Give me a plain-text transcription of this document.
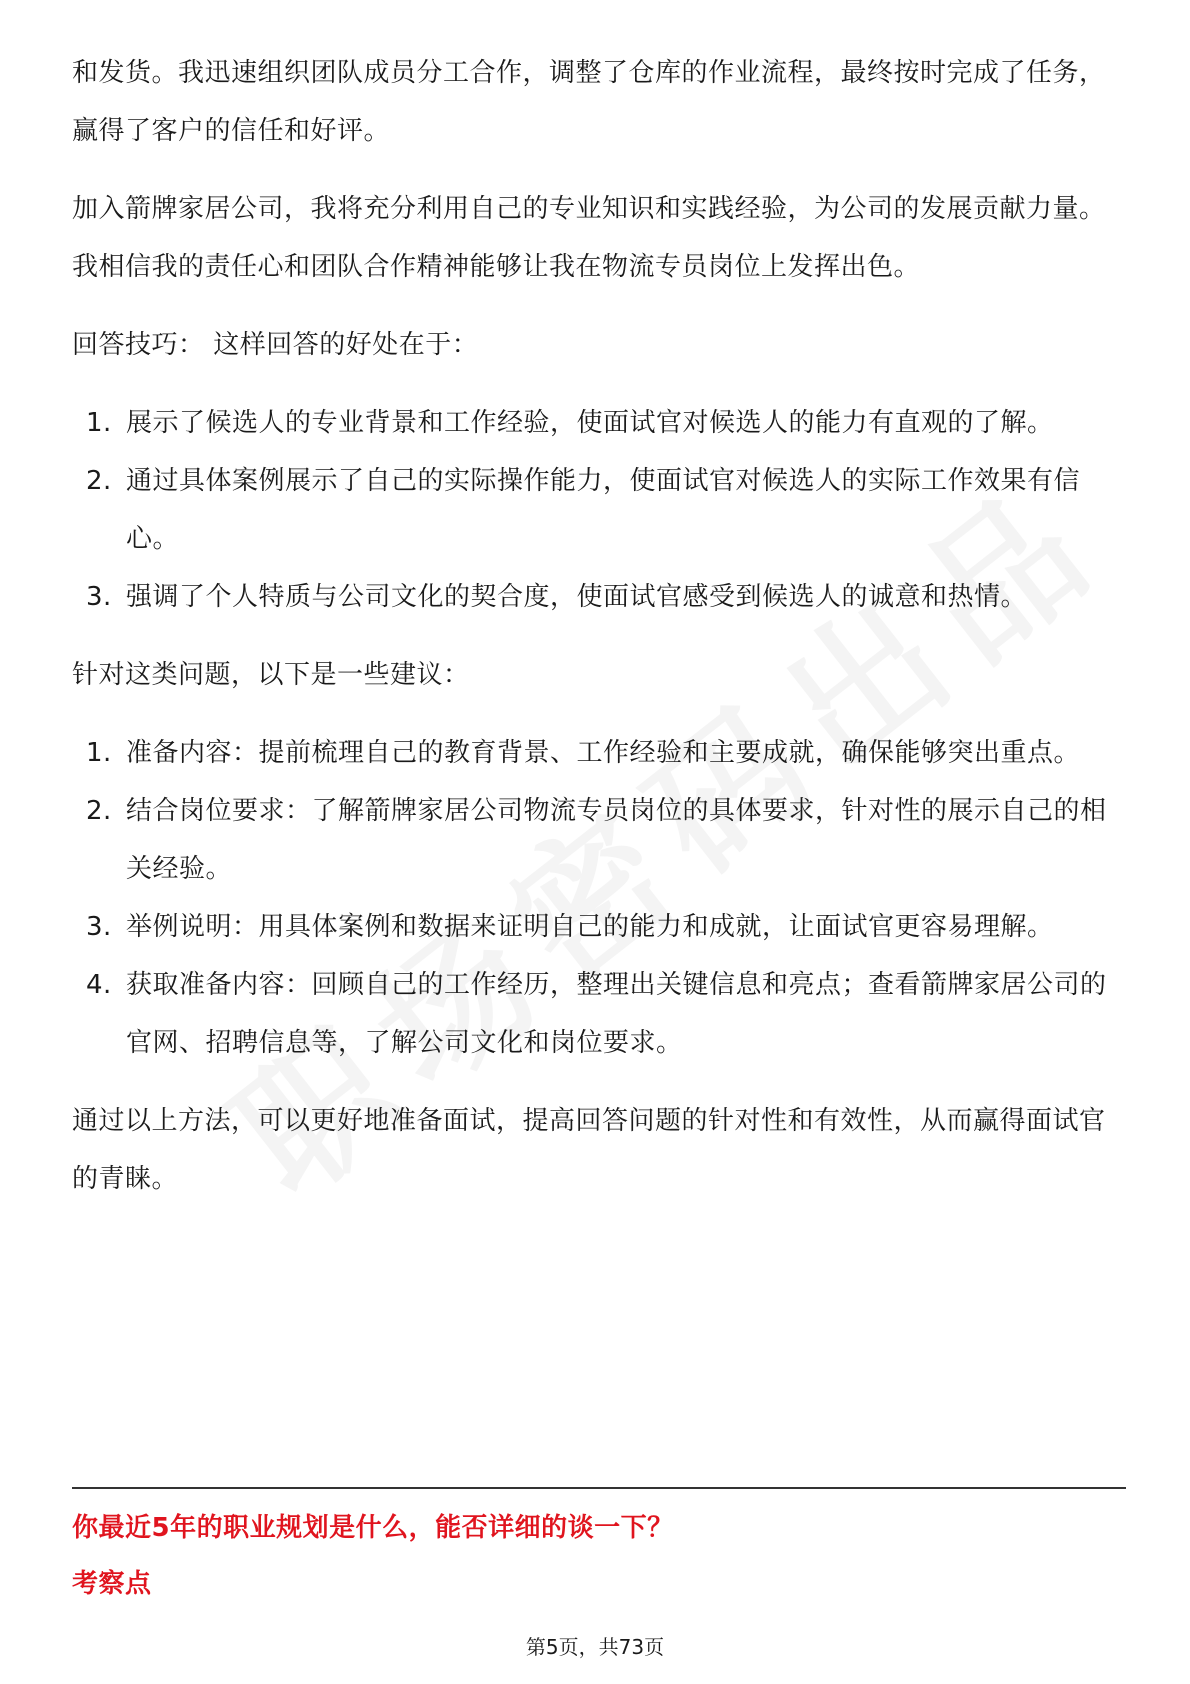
和发货。我迅速组织团队成员分工合作，调整了仓库的作业流程，最终按时完成了任务，赢得了客户的信任和好评。

加入箭牌家居公司，我将充分利用自己的专业知识和实践经验，为公司的发展贡献力量。我相信我的责任心和团队合作精神能够让我在物流专员岗位上发挥出色。

回答技巧： 这样回答的好处在于：

1. 展示了候选人的专业背景和工作经验，使面试官对候选人的能力有直观的了解。
2. 通过具体案例展示了自己的实际操作能力，使面试官对候选人的实际工作效果有信心。
3. 强调了个人特质与公司文化的契合度，使面试官感受到候选人的诚意和热情。

针对这类问题，以下是一些建议：

1. 准备内容：提前梳理自己的教育背景、工作经验和主要成就，确保能够突出重点。
2. 结合岗位要求：了解箭牌家居公司物流专员岗位的具体要求，针对性的展示自己的相关经验。
3. 举例说明：用具体案例和数据来证明自己的能力和成就，让面试官更容易理解。
4. 获取准备内容：回顾自己的工作经历，整理出关键信息和亮点；查看箭牌家居公司的官网、招聘信息等，了解公司文化和岗位要求。

通过以上方法，可以更好地准备面试，提高回答问题的针对性和有效性，从而赢得面试官的青睐。

你最近5年的职业规划是什么，能否详细的谈一下？
考察点
第5页，共73页
